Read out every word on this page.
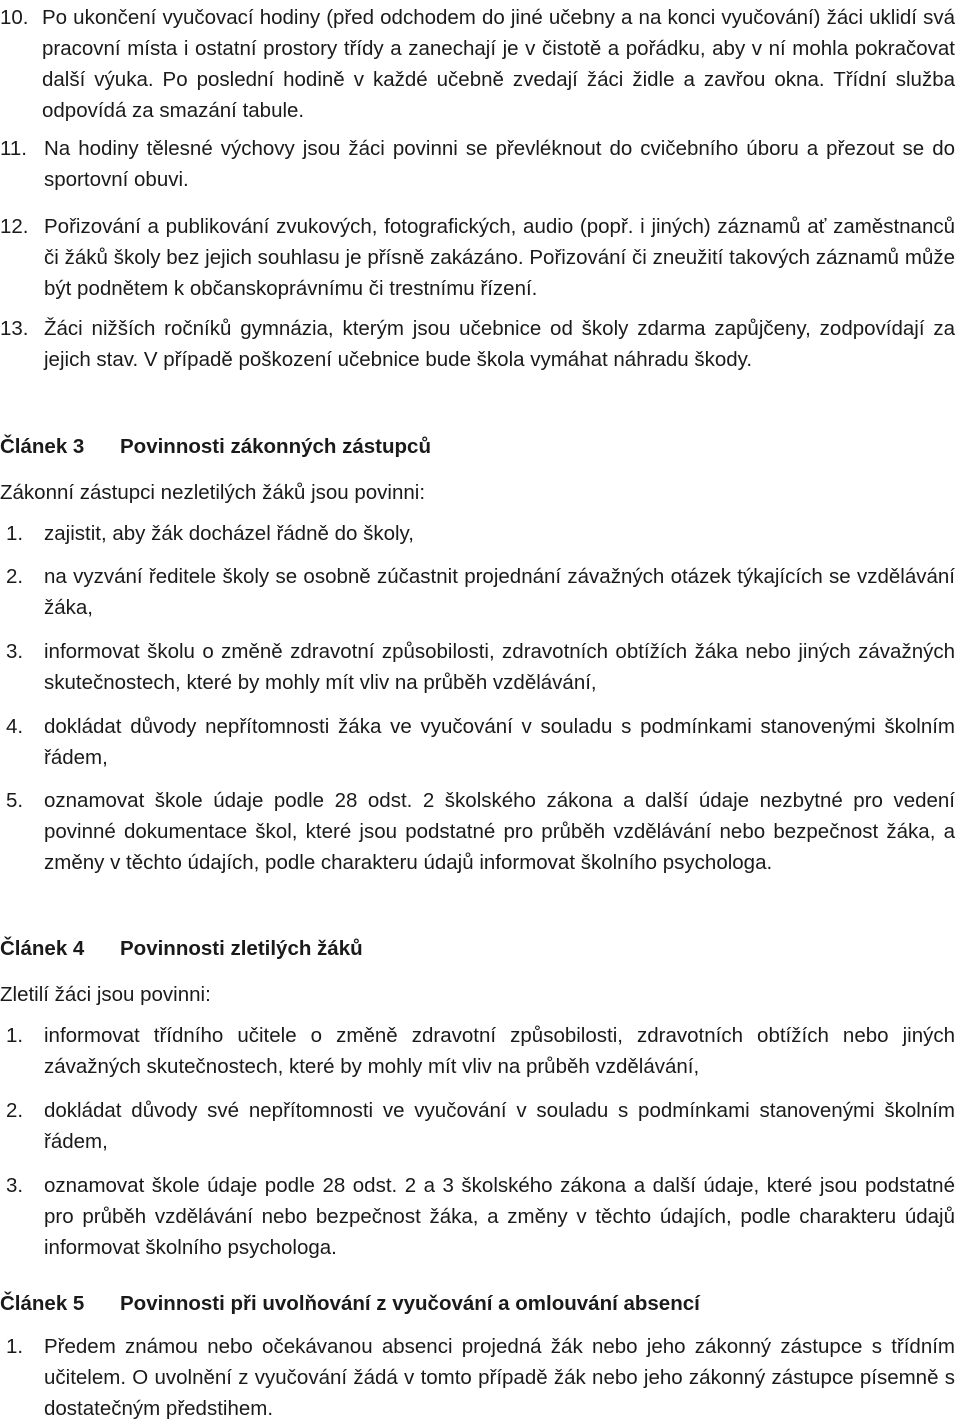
10. Po ukončení vyučovací hodiny (před odchodem do jiné učebny a na konci vyučování) žáci uklidí svá pracovní místa i ostatní prostory třídy a zanechají je v čistotě a pořádku, aby v ní mohla pokračovat další výuka. Po poslední hodině v každé učebně zvedají žáci židle a zavřou okna. Třídní služba odpovídá za smazání tabule.
11. Na hodiny tělesné výchovy jsou žáci povinni se převléknout do cvičebního úboru a přezout se do sportovní obuvi.
12. Pořizování a publikování zvukových, fotografických, audio (popř. i jiných) záznamů ať zaměstnanců či žáků školy bez jejich souhlasu je přísně zakázáno. Pořizování či zneužití takových záznamů může být podnětem k občanskoprávnímu či trestnímu řízení.
13. Žáci nižších ročníků gymnázia, kterým jsou učebnice od školy zdarma zapůjčeny, zodpovídají za jejich stav. V případě poškození učebnice bude škola vymáhat náhradu škody.
Článek 3 Povinnosti zákonných zástupců
Zákonní zástupci nezletilých žáků jsou povinni:
1.	zajistit, aby žák docházel řádně do školy,
2.	na vyzvání ředitele školy se osobně zúčastnit projednání závažných otázek týkajících se vzdělávání žáka,
3.	informovat školu o změně zdravotní způsobilosti, zdravotních obtížích žáka nebo jiných závažných skutečnostech, které by mohly mít vliv na průběh vzdělávání,
4.	dokládat důvody nepřítomnosti žáka ve vyučování v souladu s podmínkami stanovenými školním řádem,
5.	oznamovat škole údaje podle 28 odst. 2 školského zákona a další údaje nezbytné pro vedení povinné dokumentace škol, které jsou podstatné pro průběh vzdělávání nebo bezpečnost žáka, a změny v těchto údajích, podle charakteru údajů informovat školního psychologa.
Článek 4 Povinnosti zletilých žáků
Zletilí žáci jsou povinni:
1.	informovat třídního učitele o změně zdravotní způsobilosti, zdravotních obtížích nebo jiných závažných skutečnostech, které by mohly mít vliv na průběh vzdělávání,
2.	dokládat důvody své nepřítomnosti ve vyučování v souladu s podmínkami stanovenými školním řádem,
3.	oznamovat škole údaje podle 28 odst. 2 a 3 školského zákona a další údaje, které jsou podstatné pro průběh vzdělávání nebo bezpečnost žáka, a změny v těchto údajích, podle charakteru údajů informovat školního psychologa.
Článek 5 Povinnosti při uvolňování z vyučování a omlouvání absencí
1.	Předem známou nebo očekávanou absenci projedná žák nebo jeho zákonný zástupce s třídním učitelem. O uvolnění z vyučování žádá v tomto případě žák nebo jeho zákonný zástupce písemně s dostatečným předstihem.
